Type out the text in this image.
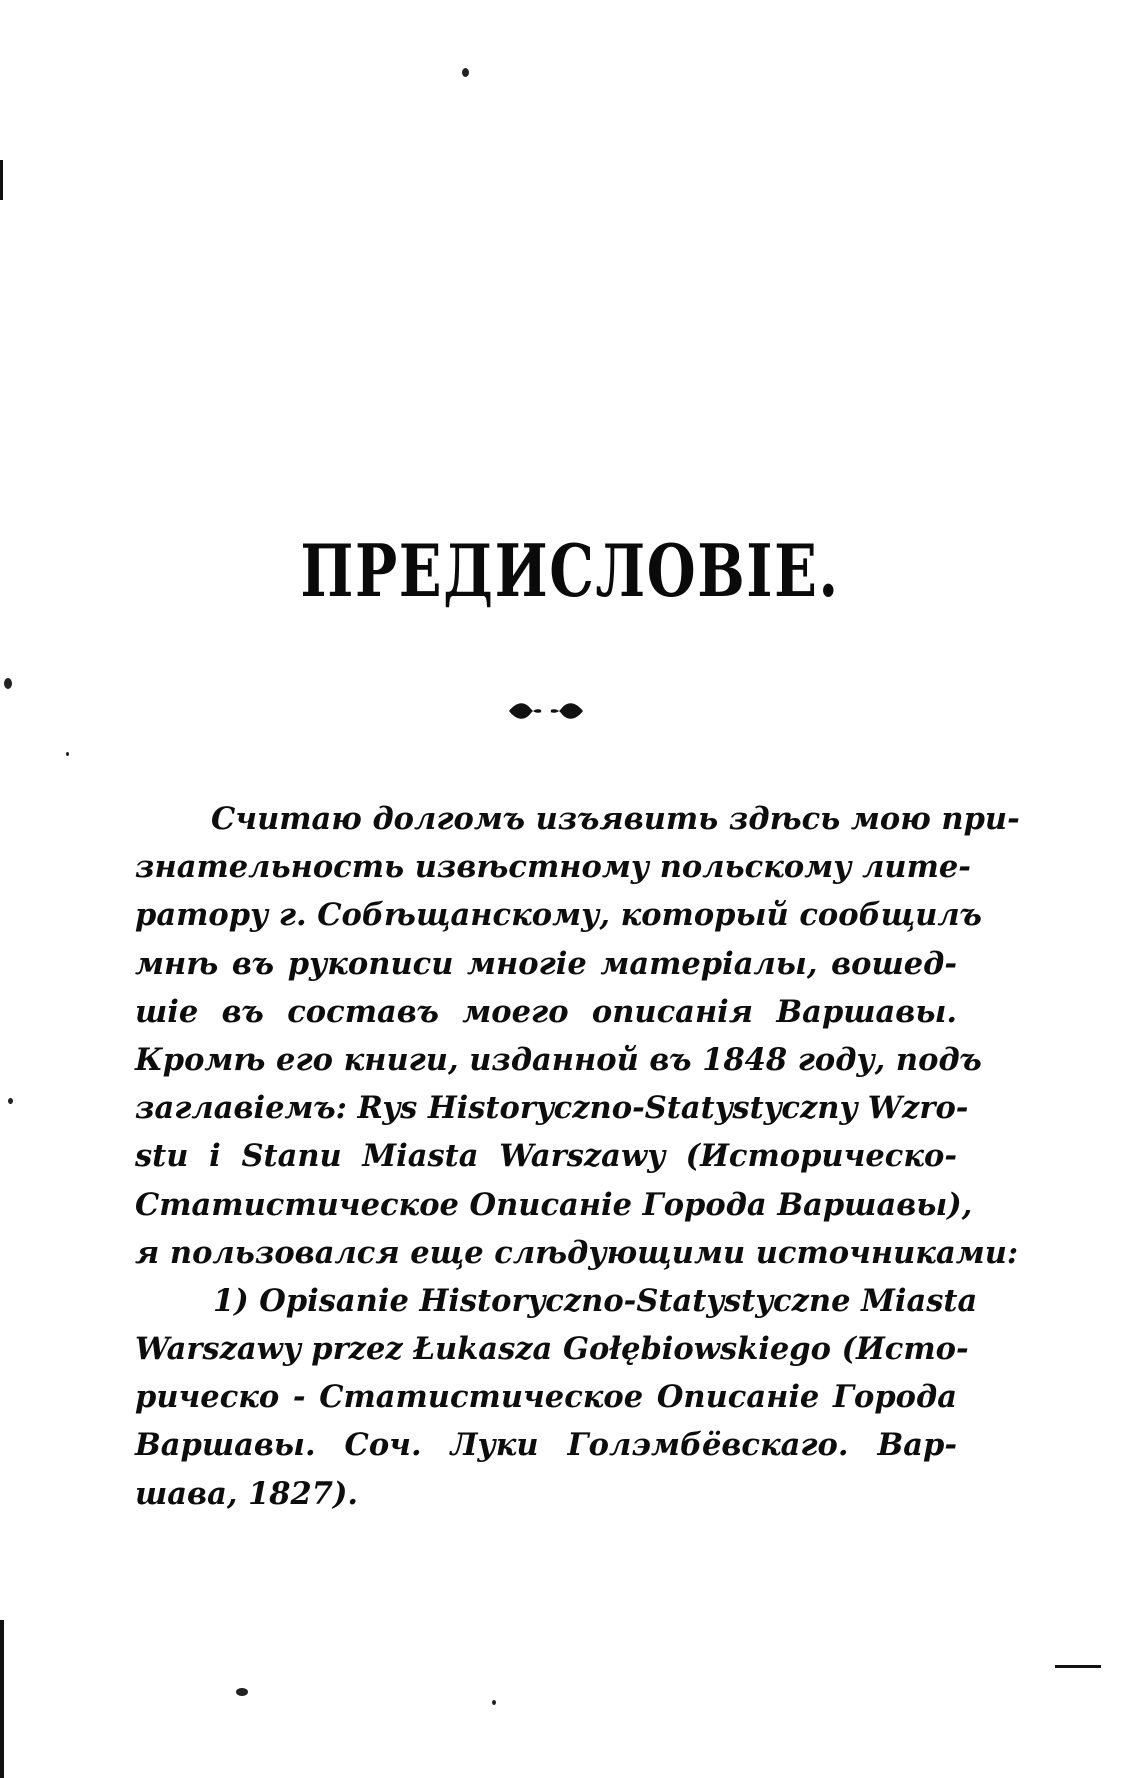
ПРЕДИСЛОВІЕ.
Считаю долгомъ изъявить здѣсь мою при-
знательность извѣстному польскому лите-
ратору г. Собѣщанскому, который сообщилъ
мнѣ въ рукописи многіе матеріалы, вошед-
шіе въ составъ моего описанія Варшавы.
Кромѣ его книги, изданной въ 1848 году, подъ
заглавіемъ: Rys Historyczno-Statystyczny Wzro-
stu i Stanu Miasta Warszawy (Историческо-
Статистическое Описаніе Города Варшавы),
я пользовался еще слѣдующими источниками:
1) Opisanie Historyczno-Statystyczne Miasta
Warszawy przez Łukasza Gołębiowskiego (Исто-
рическо - Статистическое Описаніе Города
Варшавы. Соч. Луки Голэмбёвскаго. Вар-
шава, 1827).
